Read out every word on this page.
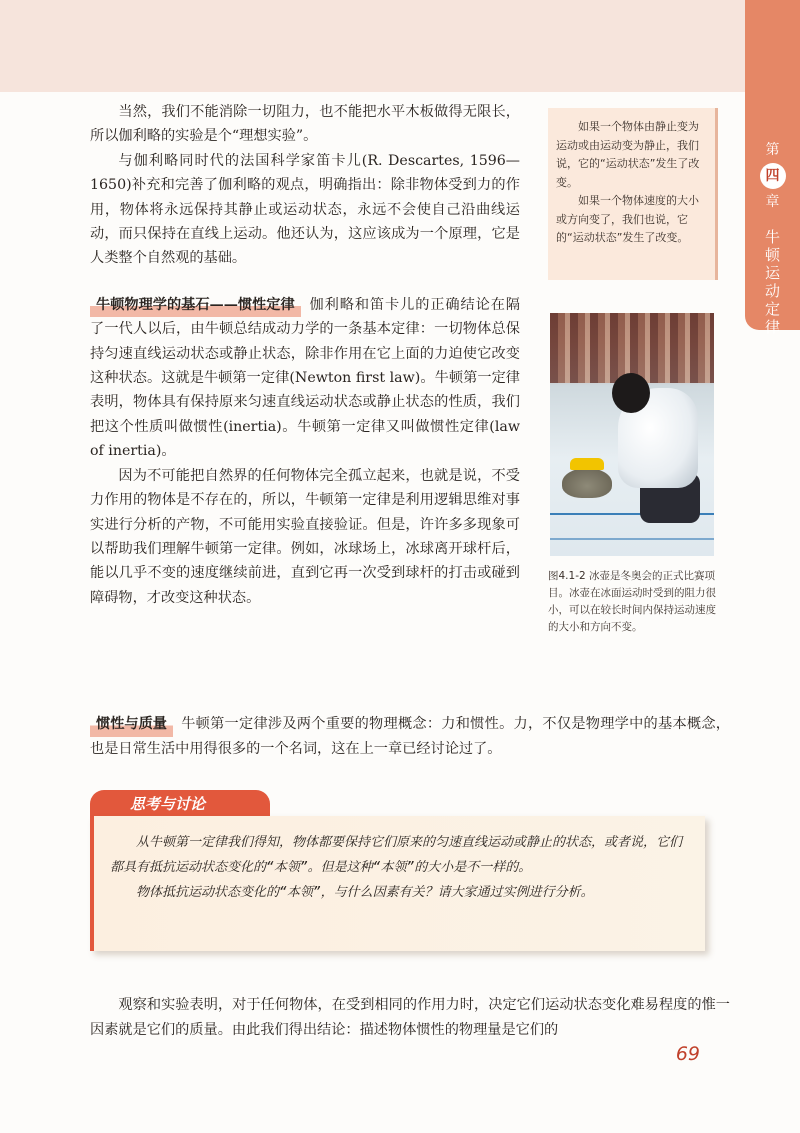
第
四
章
牛
顿
运
动
定
律

当然，我们不能消除一切阻力，也不能把水平木板做得无限长，所以伽利略的实验是个“理想实验”。

与伽利略同时代的法国科学家笛卡儿(R. Descartes, 1596—1650)补充和完善了伽利略的观点，明确指出：除非物体受到力的作用，物体将永远保持其静止或运动状态，永远不会使自己沿曲线运动，而只保持在直线上运动。他还认为，这应该成为一个原理，它是人类整个自然观的基础。

牛顿物理学的基石——惯性定律 伽利略和笛卡儿的正确结论在隔了一代人以后，由牛顿总结成动力学的一条基本定律：一切物体总保持匀速直线运动状态或静止状态，除非作用在它上面的力迫使它改变这种状态。这就是牛顿第一定律(Newton first law)。牛顿第一定律表明，物体具有保持原来匀速直线运动状态或静止状态的性质，我们把这个性质叫做惯性(inertia)。牛顿第一定律又叫做惯性定律(law of inertia)。

因为不可能把自然界的任何物体完全孤立起来，也就是说，不受力作用的物体是不存在的，所以，牛顿第一定律是利用逻辑思维对事实进行分析的产物，不可能用实验直接验证。但是，许许多多现象可以帮助我们理解牛顿第一定律。例如，冰球场上，冰球离开球杆后，能以几乎不变的速度继续前进，直到它再一次受到球杆的打击或碰到障碍物，才改变这种状态。

如果一个物体由静止变为运动或由运动变为静止，我们说，它的“运动状态”发生了改变。

如果一个物体速度的大小或方向变了，我们也说，它的“运动状态”发生了改变。

图4.1-2 冰壶是冬奥会的正式比赛项目。冰壶在冰面运动时受到的阻力很小，可以在较长时间内保持运动速度的大小和方向不变。
惯性与质量 牛顿第一定律涉及两个重要的物理概念：力和惯性。力，不仅是物理学中的基本概念，也是日常生活中用得很多的一个名词，这在上一章已经讨论过了。
思考与讨论

从牛顿第一定律我们得知，物体都要保持它们原来的匀速直线运动或静止的状态，或者说，它们都具有抵抗运动状态变化的“本领”。但是这种“本领”的大小是不一样的。

物体抵抗运动状态变化的“本领”，与什么因素有关？请大家通过实例进行分析。

观察和实验表明，对于任何物体，在受到相同的作用力时，决定它们运动状态变化难易程度的惟一因素就是它们的质量。由此我们得出结论：描述物体惯性的物理量是它们的
69
